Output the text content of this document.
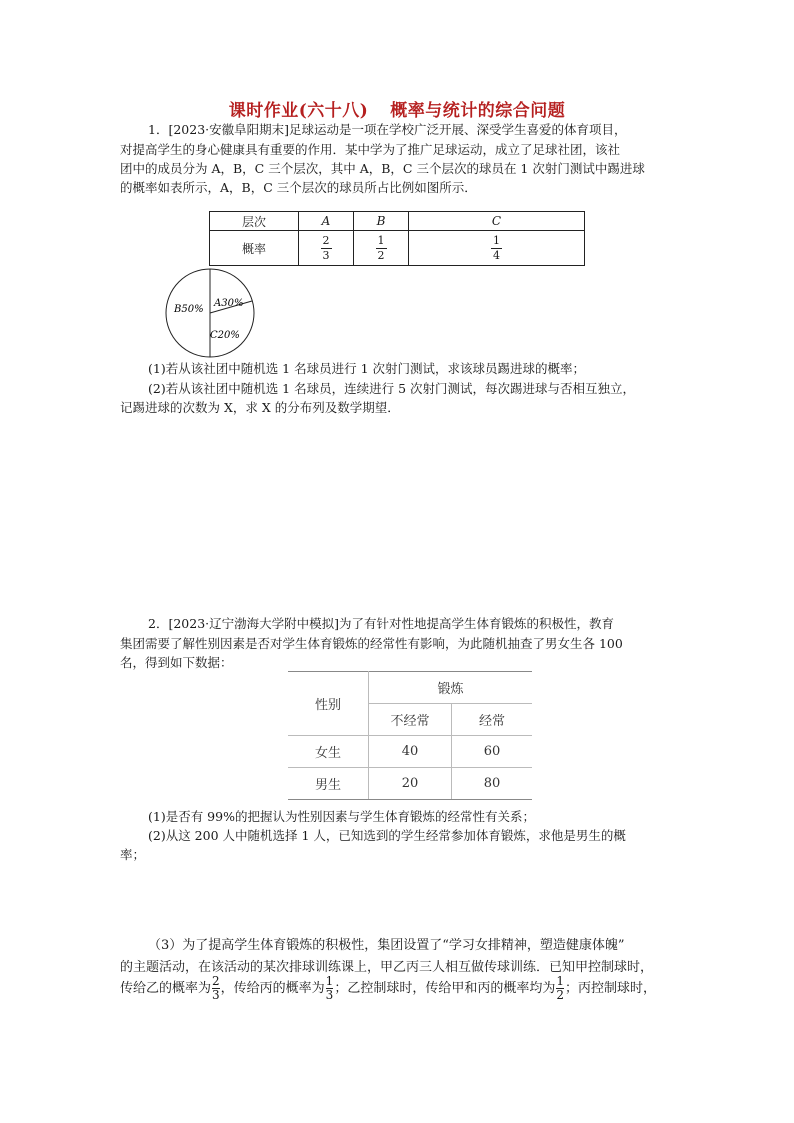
课时作业(六十八) 概率与统计的综合问题
1．[2023·安徽阜阳期末]足球运动是一项在学校广泛开展、深受学生喜爱的体育项目，
对提高学生的身心健康具有重要的作用．某中学为了推广足球运动，成立了足球社团，该社
团中的成员分为 A，B，C 三个层次，其中 A，B，C 三个层次的球员在 1 次射门测试中踢进球
的概率如表所示，A，B，C 三个层次的球员所占比例如图所示．
层次	A	B	C
概率	$\frac{2}{3}$	$\frac{1}{2}$	$\frac{1}{4}$
B50%
A30%
C20%
(1)若从该社团中随机选 1 名球员进行 1 次射门测试，求该球员踢进球的概率；
(2)若从该社团中随机选 1 名球员，连续进行 5 次射门测试，每次踢进球与否相互独立，
记踢进球的次数为 X，求 X 的分布列及数学期望．
2．[2023·辽宁渤海大学附中模拟]为了有针对性地提高学生体育锻炼的积极性，教育
集团需要了解性别因素是否对学生体育锻炼的经常性有影响，为此随机抽查了男女生各 100
名，得到如下数据：
性别	锻炼	
	不经常	经常
女生	40	60
男生	20	80
(1)是否有 99%的把握认为性别因素与学生体育锻炼的经常性有关系；
(2)从这 200 人中随机选择 1 人，已知选到的学生经常参加体育锻炼，求他是男生的概
率；
（3）为了提高学生体育锻炼的积极性，集团设置了“学习女排精神，塑造健康体魄”
的主题活动，在该活动的某次排球训练课上，甲乙丙三人相互做传球训练．已知甲控制球时，
传给乙的概率为 $\frac{2}{3}$ ，传给丙的概率为 $\frac{1}{3}$ ；乙控制球时，传给甲和丙的概率均为 $\frac{1}{2}$ ；丙控制球时，
